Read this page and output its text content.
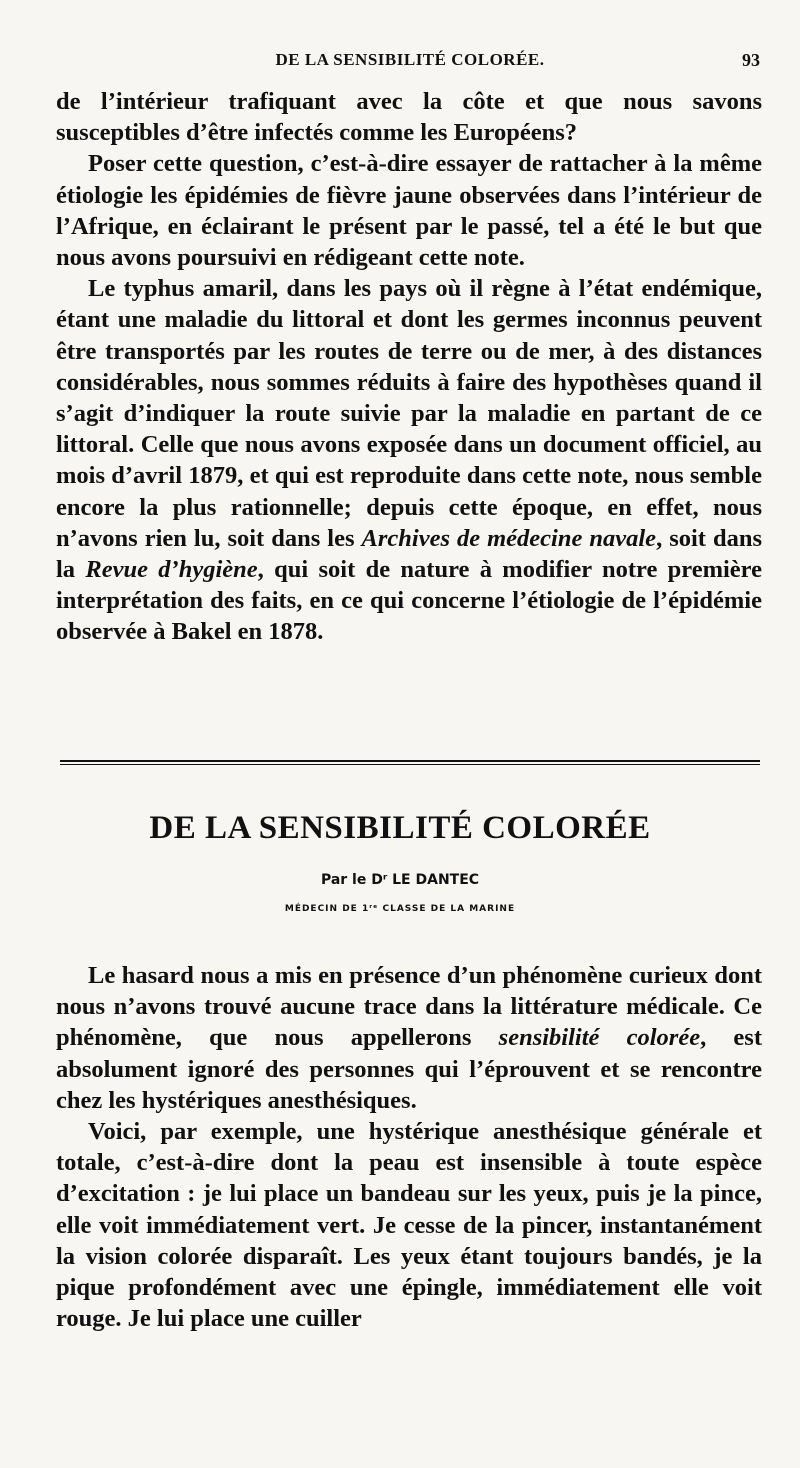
DE LA SENSIBILITÉ COLORÉE.	93

de l’intérieur trafiquant avec la côte et que nous savons susceptibles d’être infectés comme les Européens?

Poser cette question, c’est-à-dire essayer de rattacher à la même étiologie les épidémies de fièvre jaune observées dans l’intérieur de l’Afrique, en éclairant le présent par le passé, tel a été le but que nous avons poursuivi en rédigeant cette note.

Le typhus amaril, dans les pays où il règne à l’état endémique, étant une maladie du littoral et dont les germes inconnus peuvent être transportés par les routes de terre ou de mer, à des distances considérables, nous sommes réduits à faire des hypothèses quand il s’agit d’indiquer la route suivie par la maladie en partant de ce littoral. Celle que nous avons exposée dans un document officiel, au mois d’avril 1879, et qui est reproduite dans cette note, nous semble encore la plus rationnelle; depuis cette époque, en effet, nous n’avons rien lu, soit dans les Archives de médecine navale, soit dans la Revue d’hygiène, qui soit de nature à modifier notre première interprétation des faits, en ce qui concerne l’étiologie de l’épidémie observée à Bakel en 1878.

DE LA SENSIBILITÉ COLORÉE
Par le Dʳ LE DANTEC
MÉDECIN DE 1ʳᵉ CLASSE DE LA MARINE

Le hasard nous a mis en présence d’un phénomène curieux dont nous n’avons trouvé aucune trace dans la littérature médicale. Ce phénomène, que nous appellerons sensibilité colorée, est absolument ignoré des personnes qui l’éprouvent et se rencontre chez les hystériques anesthésiques.

Voici, par exemple, une hystérique anesthésique générale et totale, c’est-à-dire dont la peau est insensible à toute espèce d’excitation : je lui place un bandeau sur les yeux, puis je la pince, elle voit immédiatement vert. Je cesse de la pincer, instantanément la vision colorée disparaît. Les yeux étant toujours bandés, je la pique profondément avec une épingle, immédiatement elle voit rouge. Je lui place une cuiller
